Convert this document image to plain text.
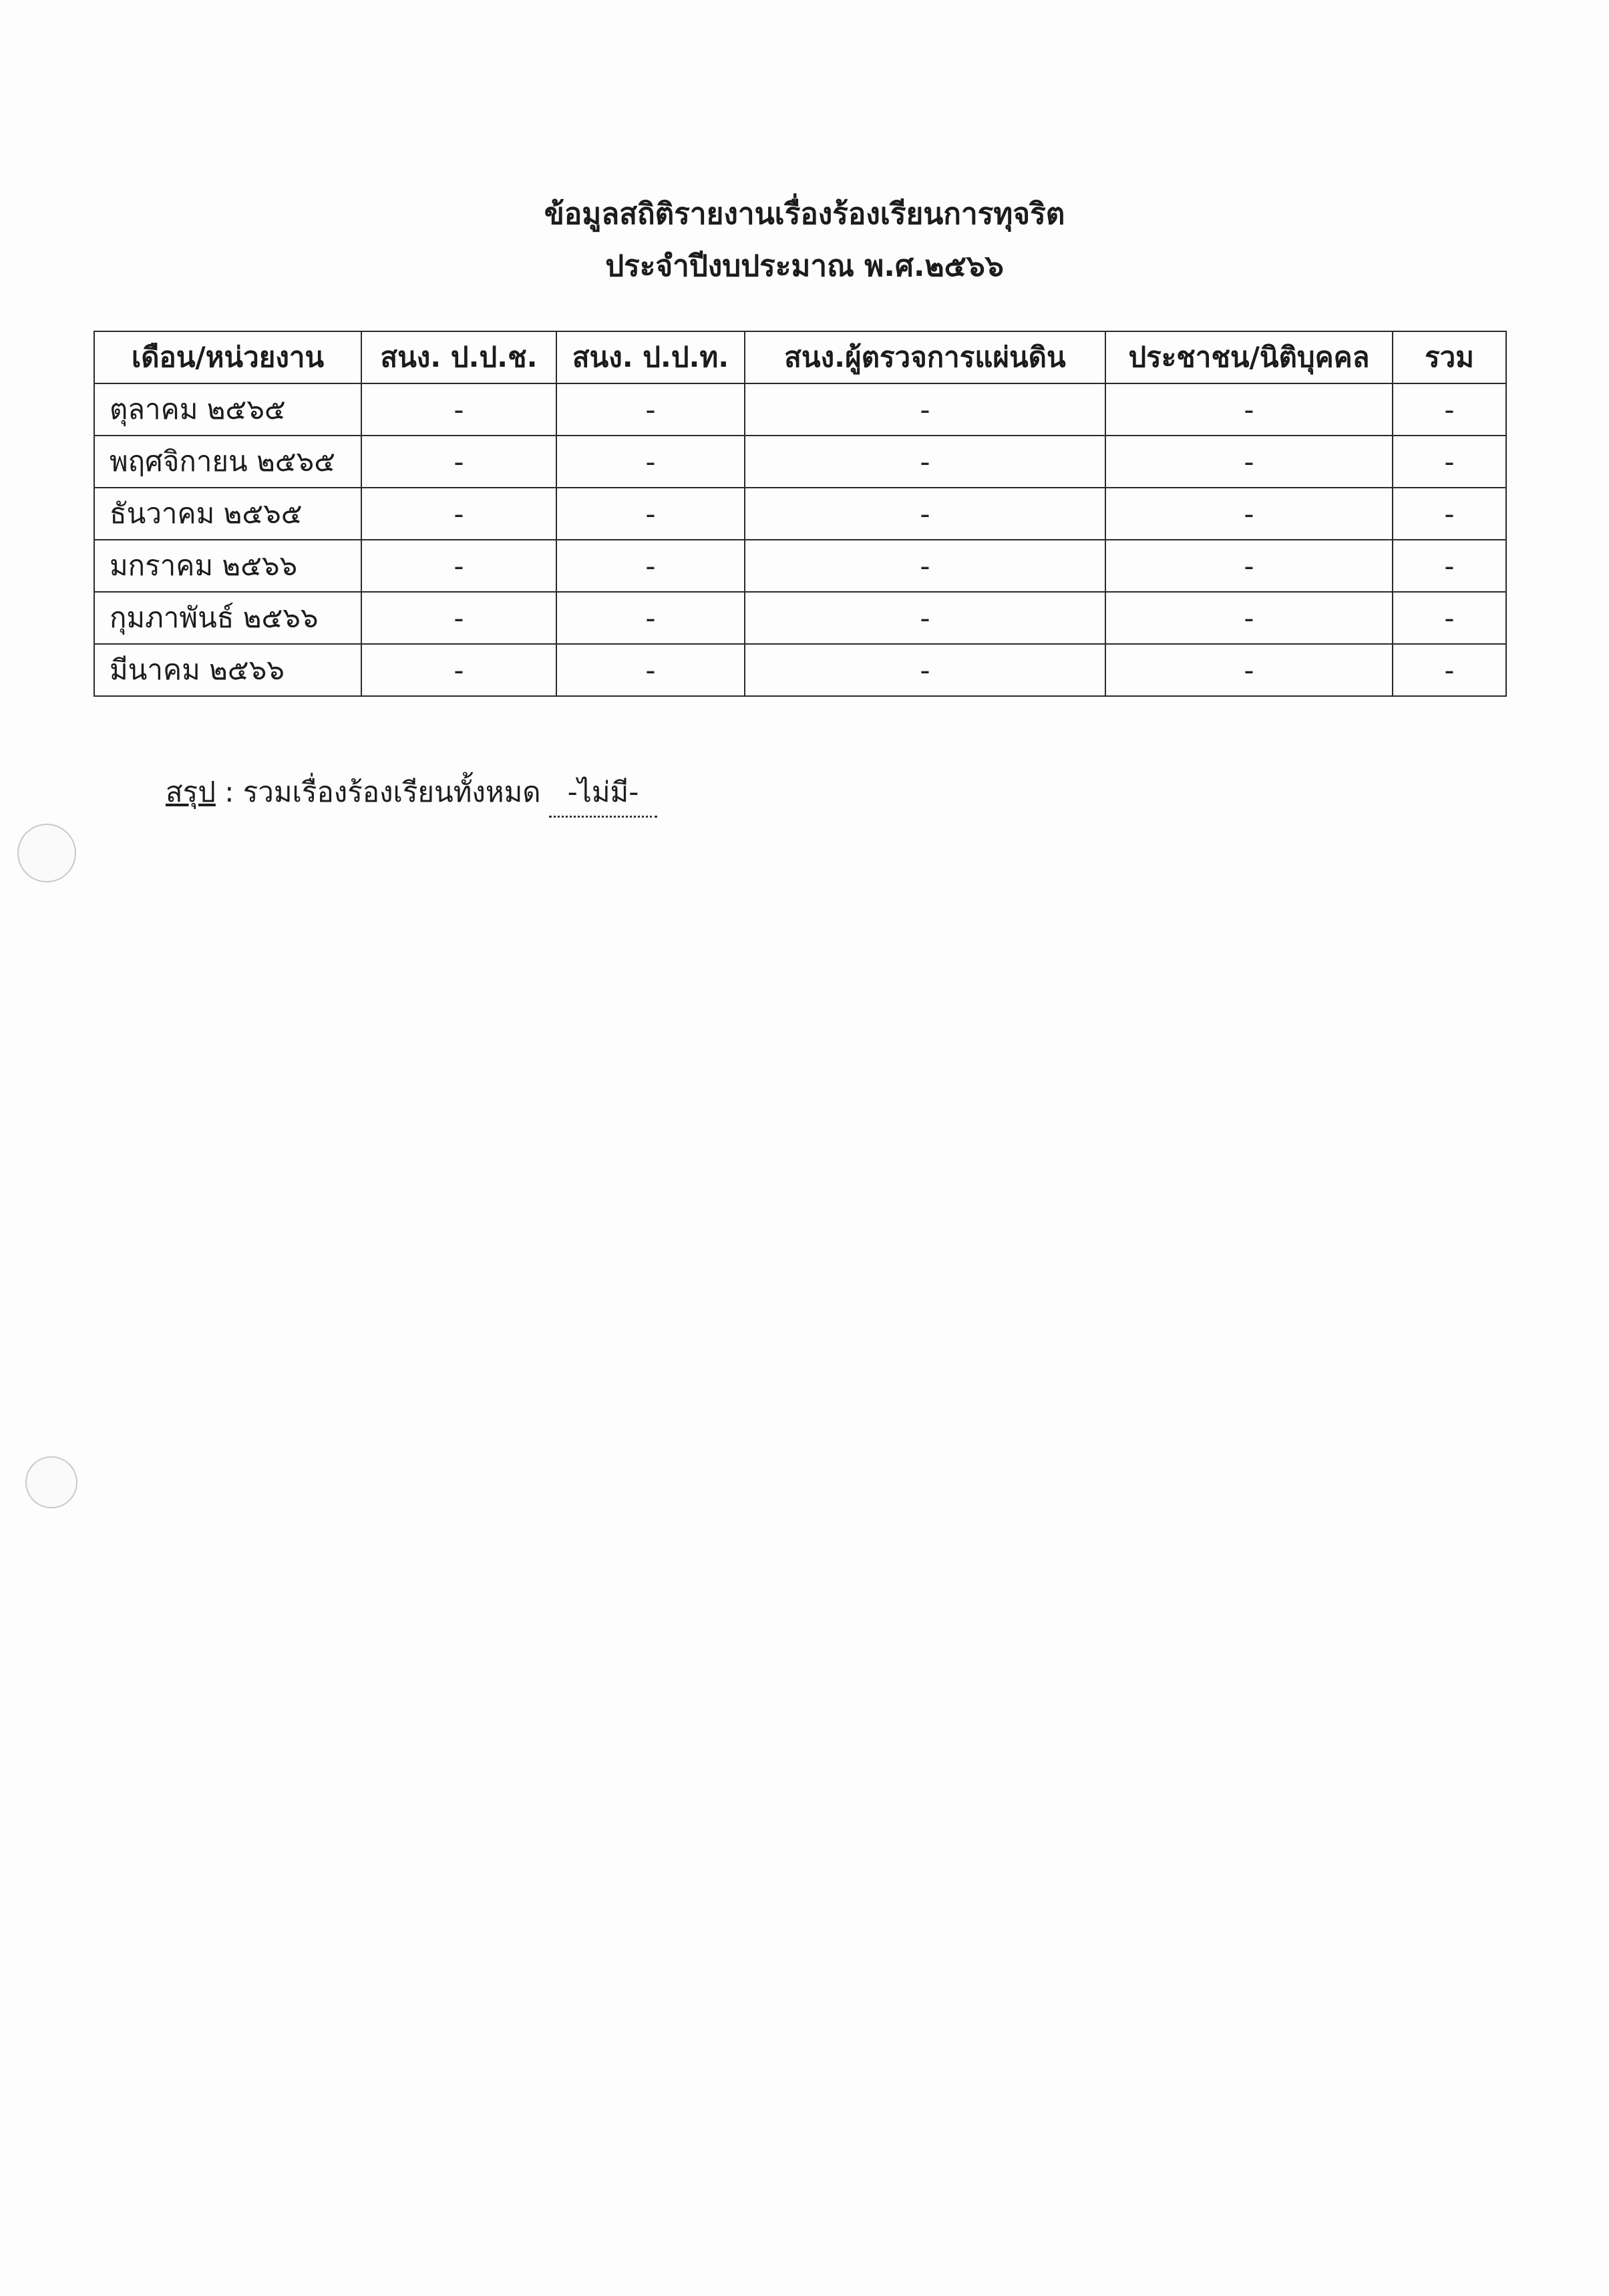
ข้อมูลสถิติรายงานเรื่องร้องเรียนการทุจริต
ประจำปีงบประมาณ พ.ศ.๒๕๖๖
เดือน/หน่วยงาน	สนง. ป.ป.ช.	สนง. ป.ป.ท.	สนง.ผู้ตรวจการแผ่นดิน	ประชาชน/นิติบุคคล	รวม
ตุลาคม ๒๕๖๕	-	-	-	-	-
พฤศจิกายน ๒๕๖๕	-	-	-	-	-
ธันวาคม ๒๕๖๕	-	-	-	-	-
มกราคม ๒๕๖๖	-	-	-	-	-
กุมภาพันธ์ ๒๕๖๖	-	-	-	-	-
มีนาคม ๒๕๖๖	-	-	-	-	-
สรุป : รวมเรื่องร้องเรียนทั้งหมด -ไม่มี-
